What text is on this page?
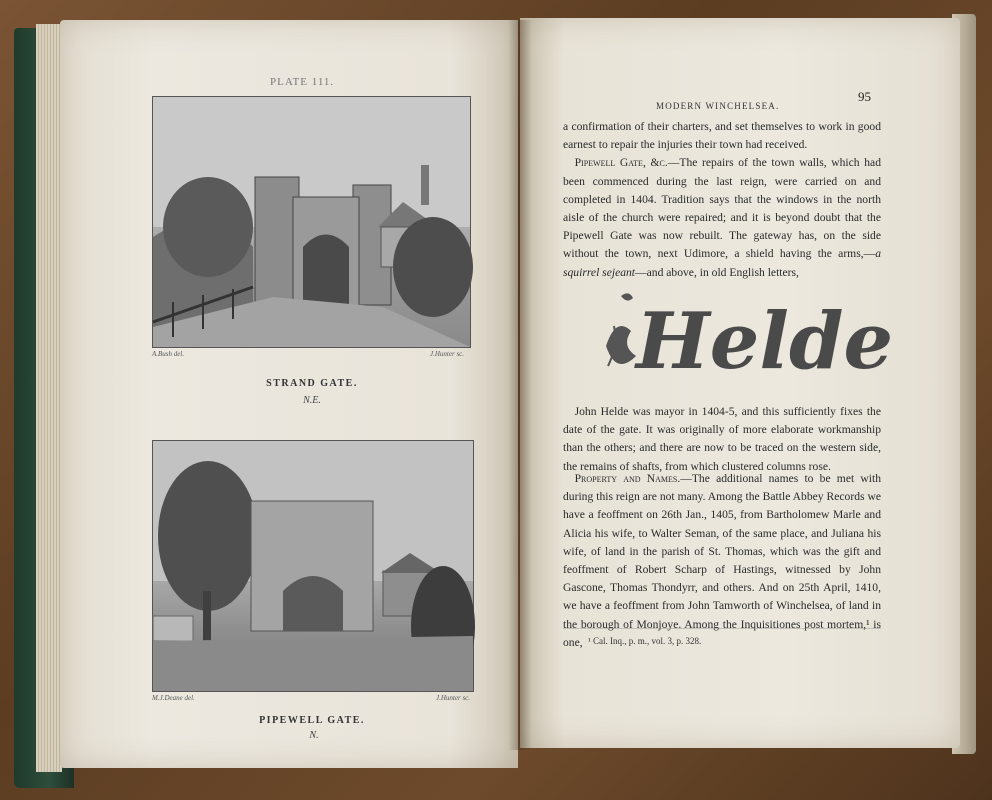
PLATE 111.
A.Bush del.	J.Hunter sc.
STRAND GATE.
N.E.
M.J.Deane del.	J.Hunter sc.
PIPEWELL GATE.
N.
MODERN WINCHELSEA.
95
a confirmation of their charters, and set themselves to work in good earnest to repair the injuries their town had received.
 Pipewell Gate, &c.—The repairs of the town walls, which had been commenced during the last reign, were carried on and completed in 1404. Tradition says that the windows in the north aisle of the church were repaired; and it is beyond doubt that the Pipewell Gate was now rebuilt. The gateway has, on the side without the town, next Udimore, a shield having the arms,—a squirrel sejeant—and above, in old English letters,
Helde
 John Helde was mayor in 1404-5, and this sufficiently fixes the date of the gate. It was originally of more elaborate workmanship than the others; and there are now to be traced on the western side, the remains of shafts, from which clustered columns rose.
 Property and Names.—The additional names to be met with during this reign are not many. Among the Battle Abbey Records we have a feoffment on 26th Jan., 1405, from Bartholomew Marle and Alicia his wife, to Walter Seman, of the same place, and Juliana his wife, of land in the parish of St. Thomas, which was the gift and feoffment of Robert Scharp of Hastings, witnessed by John Gascone, Thomas Thondyrr, and others. And on 25th April, 1410, we have a feoffment from John Tamworth of Winchelsea, of land in the borough of Monjoye. Among the Inquisitiones post mortem,¹ is one, ¹ Cal. Inq., p. m., vol. 3, p. 328.
